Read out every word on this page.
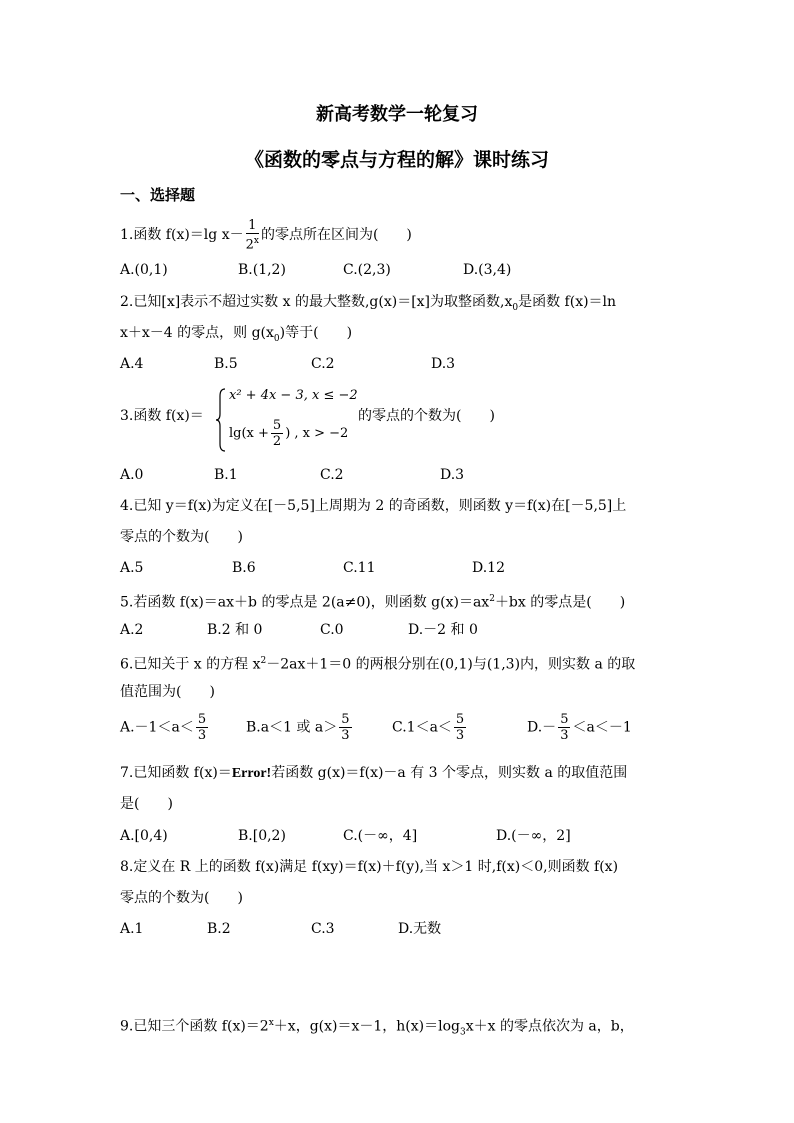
新高考数学一轮复习
《函数的零点与方程的解》课时练习
一、选择题
1.函数 f(x)＝lg $x- \frac{1}{2^x}$ 的零点所在区间为(　　)
A.(0,1)	B.(1,2)	C.(2,3)	D.(3,4)
2.已知[x]表示不超过实数 x 的最大整数,g(x)＝[x]为取整函数$,x_0$是函数 f(x)＝ln
x＋x－4 的零点，则 $g(x_0)$等于(　　)
A.4	B.5	C.2	D.3
3.函数 f(x)＝
x² + 4x − 3, x ≤ −2
$\lg(x + \frac{5}{2}$ ) , x > −2
的零点的个数为(　　)
A.0	B.1	C.2	D.3
4.已知 y＝f(x)为定义在[－5,5]上周期为 2 的奇函数，则函数 y＝f(x)在[－5,5]上
零点的个数为(　　)
A.5	B.6	C.11	D.12
5.若函数 f(x)＝ax＋b 的零点是 2(a≠0)，则函数 $g(x)=ax^2+bx$ 的零点是(　　)
A.2	B.2 和 0	C.0	D.－2 和 0
6.已知关于 x 的方程 $x^2-2ax+1=0$ 的两根分别在(0,1)与(1,3)内，则实数 a 的取
值范围为(　　)
$A.-1<a< \frac{5}{3}$	B.a＜1 或 $a> \frac{5}{3}$	$C.1<a< \frac{5}{3}$	$D.- \frac{5}{3} <a<-1$
7.已知函数 f(x)＝Error!若函数 g(x)＝f(x)－a 有 3 个零点，则实数 a 的取值范围
是(　　)
A.[0,4)	B.[0,2)	C.(－∞，4]	D.(－∞，2]
8.定义在 R 上的函数 f(x)满足 f(xy)＝f(x)＋f(y),当 x＞1 时,f(x)＜0,则函数 f(x)
零点的个数为(　　)
A.1	B.2	C.3	D.无数
9.已知三个函数 $f(x)=2^x+x$，g(x)＝x－1，$h(x)=\log_3x+x$ 的零点依次为 a，b，
